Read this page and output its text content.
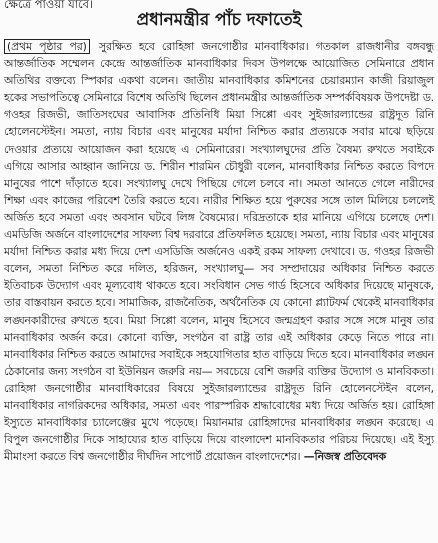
ক্ষেত্রে পাওয়া যাবে।
প্রধানমন্ত্রীর পাঁচ দফাতেই

(প্রথম পৃষ্ঠার পর) সুরক্ষিত হবে রোহিঙ্গা জনগোষ্ঠীর মানবাধিকার। গতকাল রাজধানীর বঙ্গবন্ধু আন্তর্জাতিক সম্মেলন কেন্দ্রে আন্তর্জাতিক মানবাধিকার দিবস উপলক্ষে আয়োজিত সেমিনারে প্রধান অতিথির বক্তব্যে স্পিকার একথা বলেন। জাতীয় মানবাধিকার কমিশনের চেয়ারম্যান কাজী রিয়াজুল হকের সভাপতিত্বে সেমিনারে বিশেষ অতিথি ছিলেন প্রধানমন্ত্রীর আন্তর্জাতিক সম্পর্কবিষয়ক উপদেষ্টা ড. গওহর রিজভী, জাতিসংঘের আবাসিক প্রতিনিধি মিয়া সিপ্পো এবং সুইজারল্যান্ডের রাষ্ট্রদূত রিনি হোলেনস্টেইন। সমতা, ন্যায় বিচার এবং মানুষের মর্যাদা নিশ্চিত করার প্রত্যয়কে সবার মাঝে ছড়িয়ে দেওয়ার প্রত্যয়ে আয়োজন করা হয়েছে এ সেমিনারের। সংখ্যালঘুদের প্রতি বৈষম্য রুখতে সবাইকে এগিয়ে আসার আহ্বান জানিয়ে ড. শিরীন শারমিন চৌধুরী বলেন, মানবাধিকার নিশ্চিত করতে বিপদে মানুষের পাশে দাঁড়াতে হবে। সংখ্যালঘু দেখে পিছিয়ে গেলে চলবে না। সমতা আনতে গেলে নারীদের শিক্ষা এবং কাজের পরিবেশ তৈরি করতে হবে। নারীর শিক্ষিত হয়ে পুরুষের সঙ্গে তাল মিলিয়ে চললেই অর্জিত হবে সমতা এবং অবসান ঘটবে লিঙ্গ বৈষম্যের। দরিদ্রতাকে হার মানিয়ে এগিয়ে চলেছে দেশ। এমডিজি অর্জনে বাংলাদেশের সাফল্য বিশ্ব দরবারে প্রতিফলিত হয়েছে। সমতা, ন্যায় বিচার এবং মানুষের মর্যাদা নিশ্চিত করার মধ্য দিয়ে দেশ এসডিজি অর্জনেও একই রকম সাফল্য দেখাবে। ড. গওহর রিজভী বলেন, সমতা নিশ্চিত করে দলিত, হরিজন, সংখ্যালঘু— সব সম্প্রদায়ের অধিকার নিশ্চিত করতে ইতিবাচক উদ্যোগ এবং মূল্যবোধ থাকতে হবে। সংবিধান সেভ গার্ড হিসেবে অধিকার দিয়েছে মানুষকে, তার বাস্তবায়ন করতে হবে। সামাজিক, রাজনৈতিক, অর্থনৈতিক যে কোনো প্ল্যাটফর্ম থেকেই মানবাধিকার লঙ্ঘনকারীদের রুখতে হবে। মিয়া সিপ্পো বলেন, মানুষ হিসেবে জন্মগ্রহণ করার সঙ্গে সঙ্গে মানুষ তার মানবাধিকার অর্জন করে। কোনো ব্যক্তি, সংগঠন বা রাষ্ট্র তার এই অধিকার কেড়ে নিতে পারে না। মানবাধিকার নিশ্চিত করতে আমাদের সবাইকে সহযোগিতার হাত বাড়িয়ে দিতে হবে। মানবাধিকার লঙ্ঘন ঠেকানোর জন্য সংগঠন বা ইউনিয়ন জরুরি নয়— সবচেয়ে বেশি জরুরি ব্যক্তির উদ্যোগ ও মানবিকতা। রোহিঙ্গা জনগোষ্ঠীর মানবাধিকারের বিষয়ে সুইজারল্যান্ডের রাষ্ট্রদূত রিনি হোলেনস্টেইন বলেন, মানবাধিকার নাগরিকদের অধিকার, সমতা এবং পারস্পরিক শ্রদ্ধাবোধের মধ্য দিয়ে অর্জিত হয়। রোহিঙ্গা ইস্যুতে মানবাধিকার চ্যালেঞ্জের মুখে পড়েছে। মিয়ানমার রোহিঙ্গাদের মানবাধিকার লঙ্ঘন করেছে। এ বিপুল জনগোষ্ঠীর দিকে সাহায্যের হাত বাড়িয়ে দিয়ে বাংলাদেশ মানবিকতার পরিচয় দিয়েছে। এই ইস্যু মীমাংসা করতে বিশ্ব জনগোষ্ঠীর দীর্ঘদিন সাপোর্ট প্রয়োজন বাংলাদেশের। —নিজস্ব প্রতিবেদক
